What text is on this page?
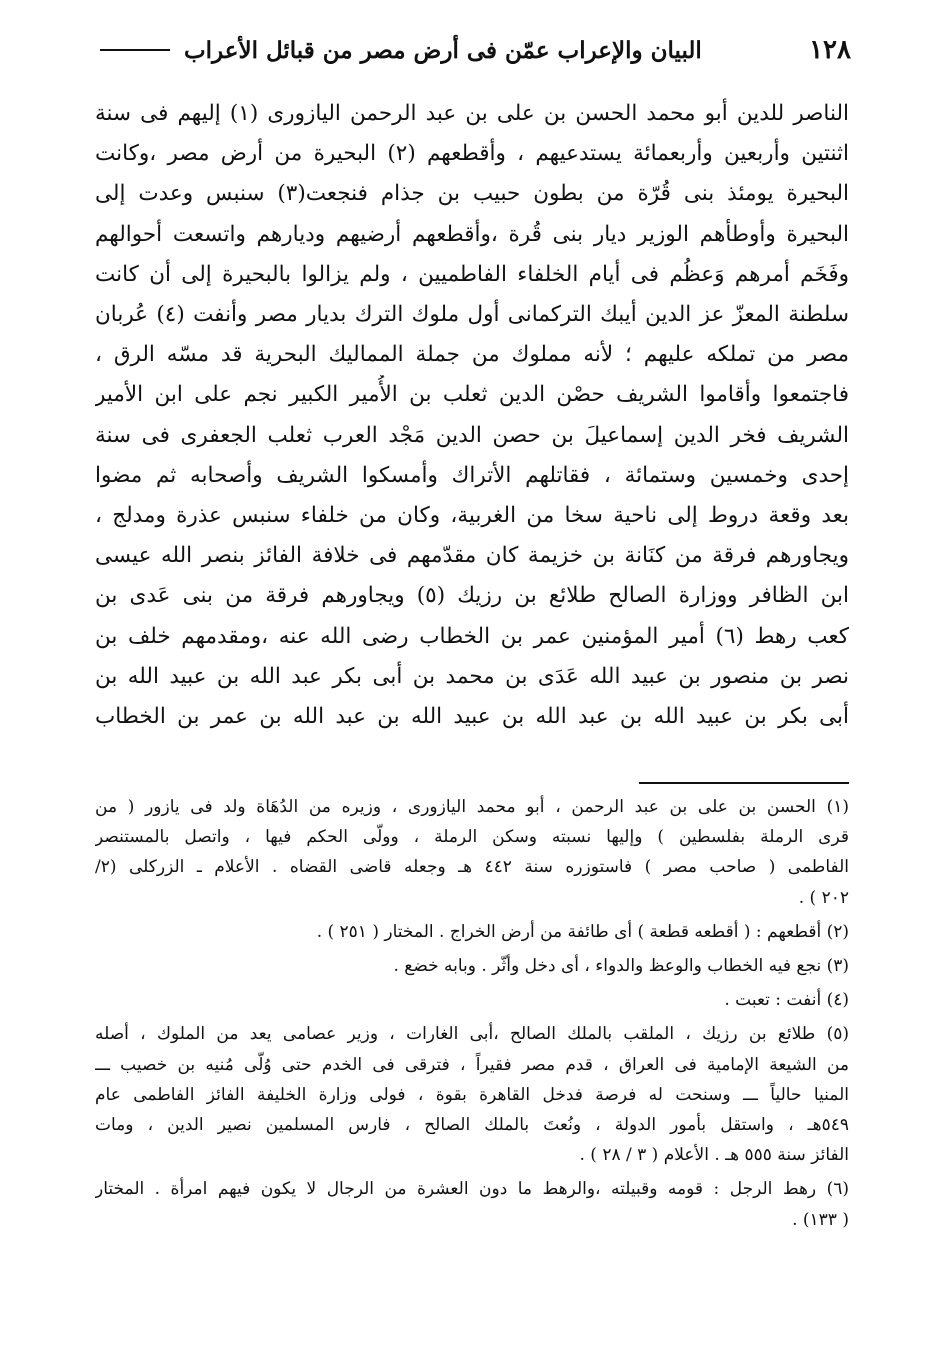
١٢٨
البيان والإعراب عمّن فى أرض مصر من قبائل الأعراب
الناصر للدين أبو محمد الحسن بن على بن عبد الرحمن اليازورى (١) إليهم فى سنة
اثنتين وأربعين وأربعمائة يستدعيهم ، وأقطعهم (٢) البحيرة من أرض مصر ،وكانت
البحيرة يومئذ بنى قُرّة من بطون حبيب بن جذام فنجعت(٣) سنبس وعدت إلى
البحيرة وأوطأهم الوزير ديار بنى قُرة ،وأقطعهم أرضيهم وديارهم واتسعت أحوالهم
وفَخَم أمرهم وَعظُم فى أيام الخلفاء الفاطميين ، ولم يزالوا بالبحيرة إلى أن كانت
سلطنة المعزّ عز الدين أيبك التركمانى أول ملوك الترك بديار مصر وأنفت (٤) عُربان
مصر من تملكه عليهم ؛ لأنه مملوك من جملة المماليك البحرية قد مسّه الرق ،
فاجتمعوا وأقاموا الشريف حصْن الدين ثعلب بن الأُمير الكبير نجم على ابن الأمير
الشريف فخر الدين إسماعيلَ بن حصن الدين مَجْد العرب ثعلب الجعفرى فى سنة
إحدى وخمسين وستمائة ، فقاتلهم الأتراك وأمسكوا الشريف وأصحابه ثم مضوا
بعد وقعة دروط إلى ناحية سخا من الغربية، وكان من خلفاء سنبس عذرة ومدلج ،
ويجاورهم فرقة من كنَانة بن خزيمة كان مقدّمهم فى خلافة الفائز بنصر الله عيسى
ابن الظافر ووزارة الصالح طلائع بن رزيك (٥) ويجاورهم فرقة من بنى عَدى بن
كعب رهط (٦) أمير المؤمنين عمر بن الخطاب رضى الله عنه ،ومقدمهم خلف بن
نصر بن منصور بن عبيد الله عَدَى بن محمد بن أبى بكر عبد الله بن عبيد الله بن
أبى بكر بن عبيد الله بن عبد الله بن عبيد الله بن عبد الله بن عمر بن الخطاب
(١) الحسن بن على بن عبد الرحمن ، أبو محمد اليازورى ، وزيره من الدُهَاة ولد فى يازور ( من
قرى الرملة بفلسطين ) وإليها نسبته وسكن الرملة ، وولّى الحكم فيها ، واتصل بالمستنصر
الفاطمى ( صاحب مصر ) فاستوزره سنة ٤٤٢ هـ وجعله قاضى القضاه . الأعلام ـ الزركلى (٢/
٢٠٢ ) .
(٢) أقطعهم : ( أقطعه قطعة ) أى طائفة من أرض الخراج . المختار ( ٢٥١ ) .
(٣) نجع فيه الخطاب والوعظ والدواء ، أى دخل وأثّر . وبابه خضع .
(٤) أنفت : تعبت .
(٥) طلائع بن رزيك ، الملقب بالملك الصالح ،أبى الغارات ، وزير عصامى يعد من الملوك ، أصله
من الشيعة الإمامية فى العراق ، قدم مصر فقيراً ، فترقى فى الخدم حتى وُلّى مُنيه بن خصيب ـــ
المنيا حالياً ـــ وسنحت له فرصة فدخل القاهرة بقوة ، فولى وزارة الخليفة الفائز الفاطمى عام
٥٤٩هـ ، واستقل بأمور الدولة ، ونُعتَ بالملك الصالح ، فارس المسلمين نصير الدين ، ومات
الفائز سنة ٥٥٥ هـ . الأعلام ( ٣ / ٢٨ ) .
(٦) رهط الرجل : قومه وقبيلته ،والرهط ما دون العشرة من الرجال لا يكون فيهم امرأة . المختار
( ١٣٣) .
